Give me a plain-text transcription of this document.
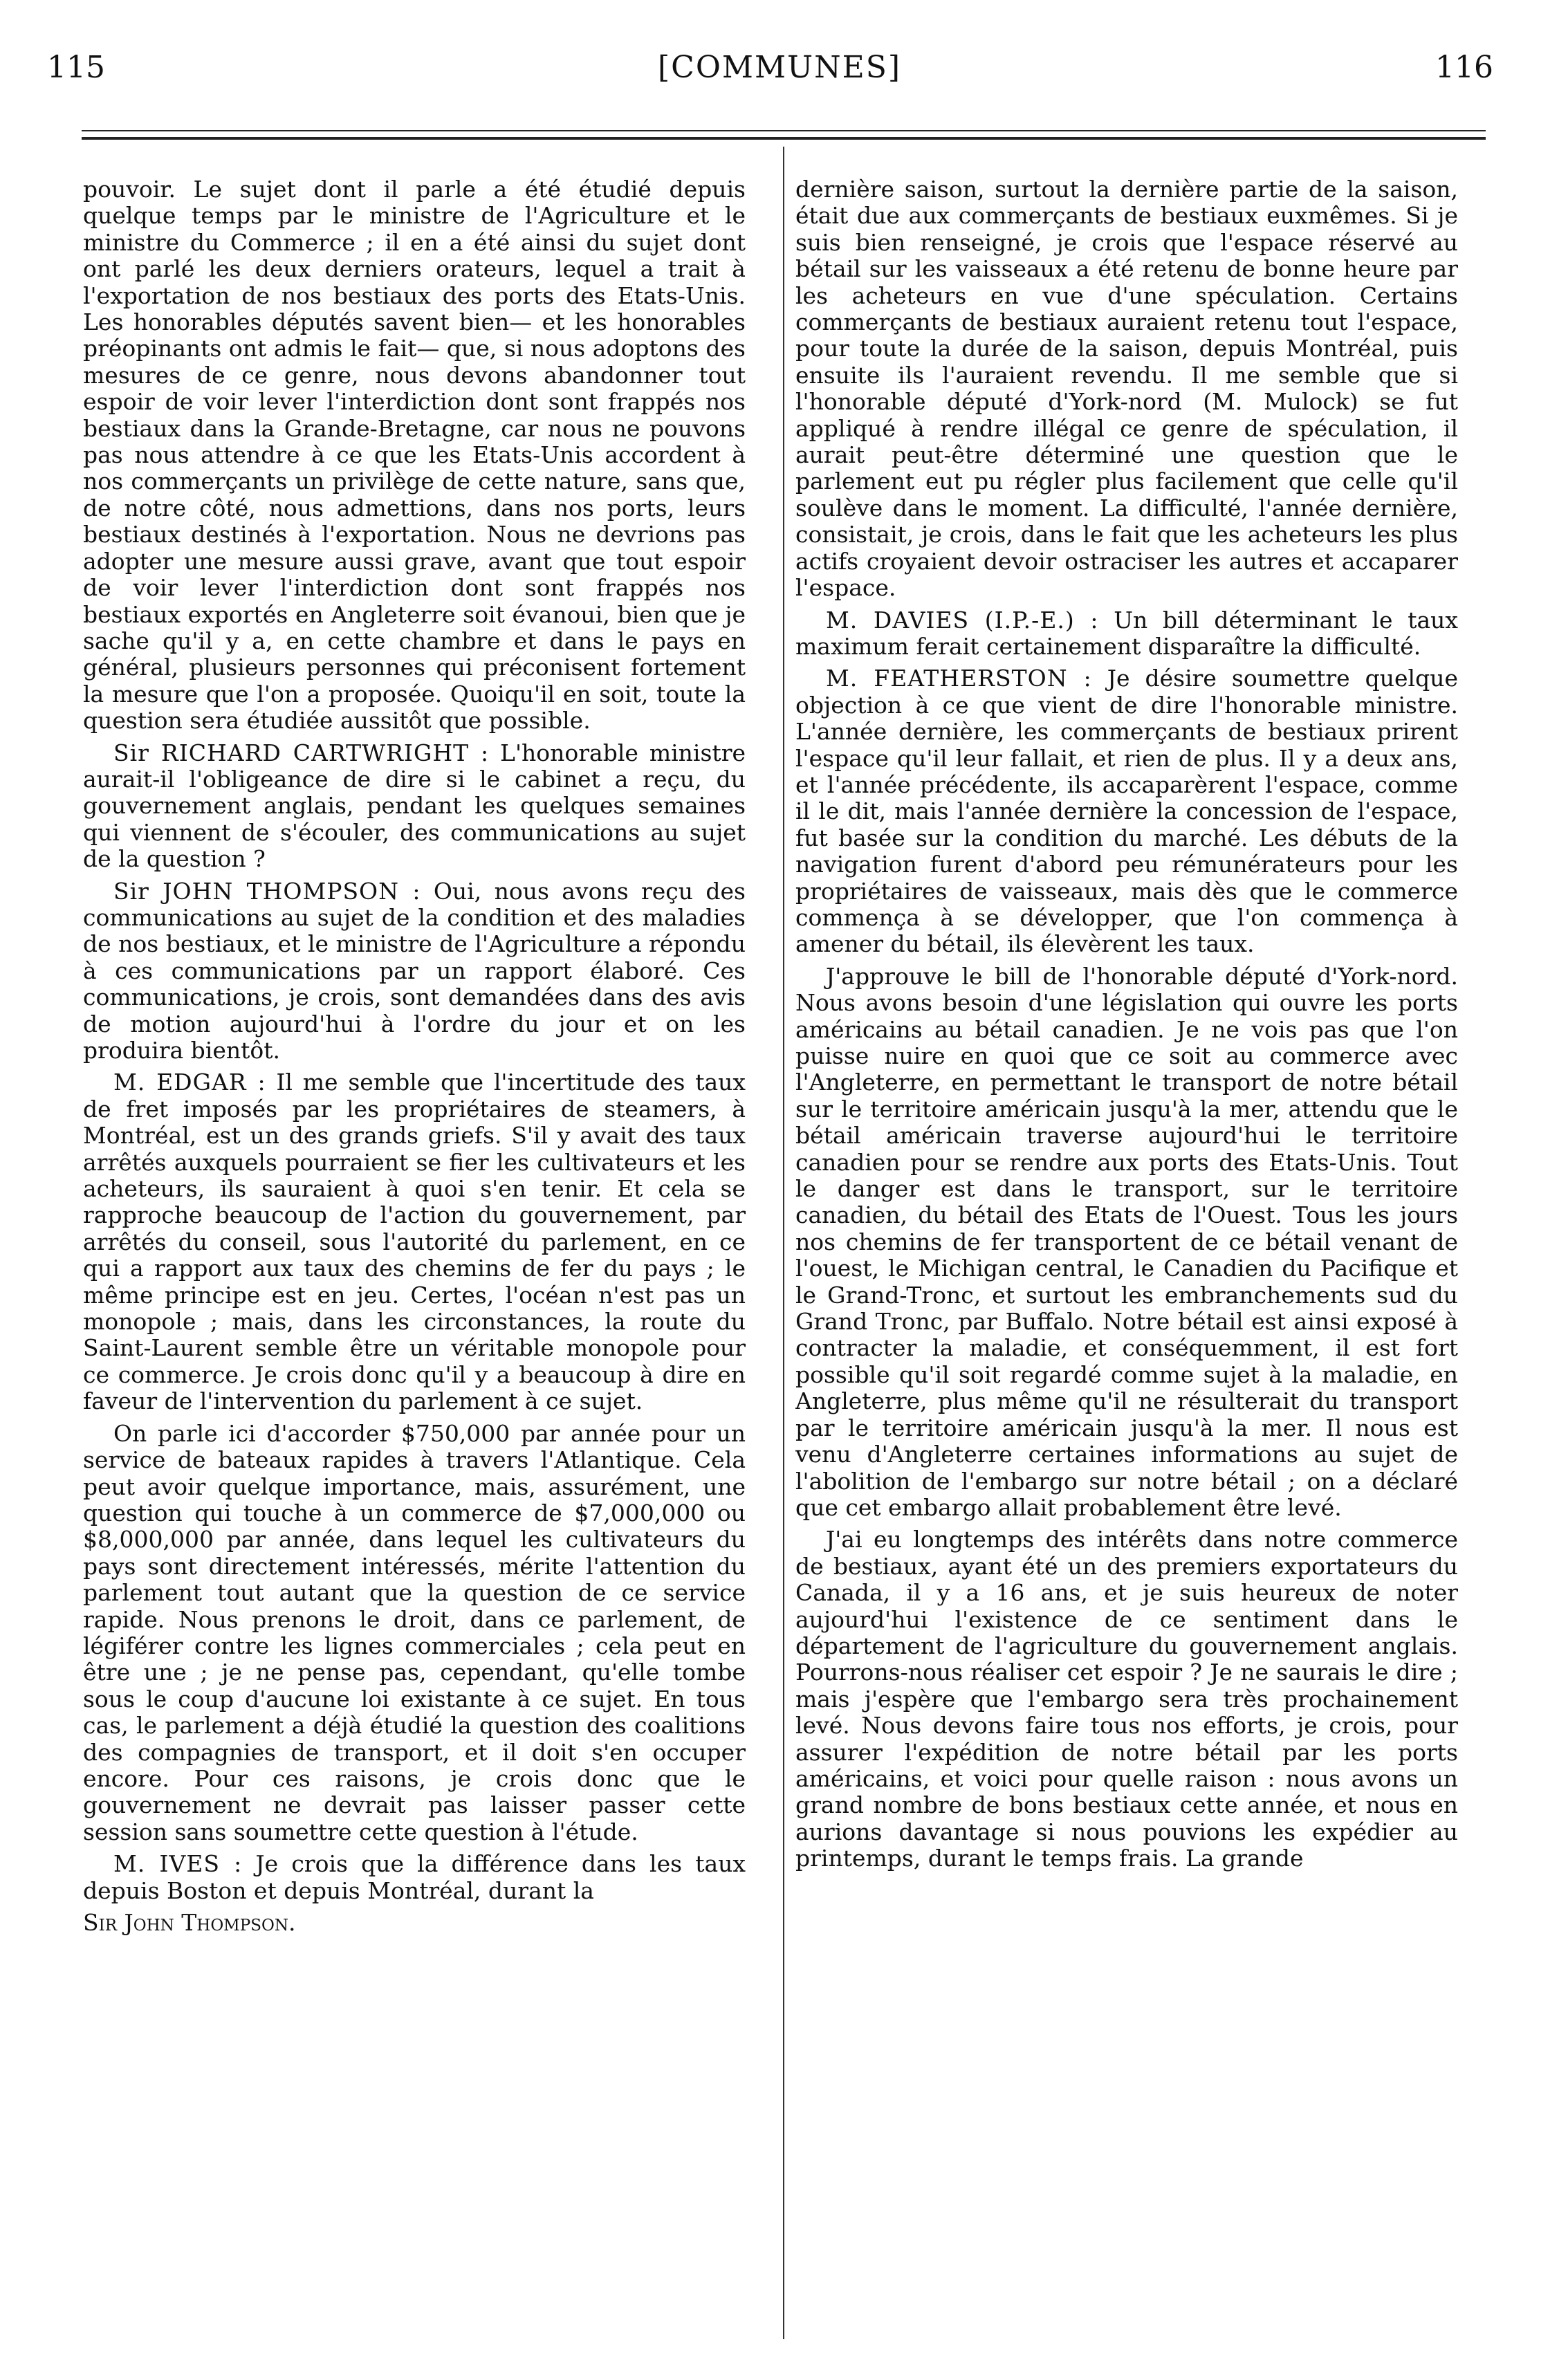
115	[COMMUNES]	116

pouvoir. Le sujet dont il parle a été étudié depuis quelque temps par le ministre de l'Agriculture et le ministre du Commerce ; il en a été ainsi du sujet dont ont parlé les deux derniers orateurs, lequel a trait à l'exportation de nos bestiaux des ports des Etats-Unis. Les honorables députés savent bien— et les honorables préopinants ont admis le fait— que, si nous adoptons des mesures de ce genre, nous devons abandonner tout espoir de voir lever l'interdiction dont sont frappés nos bestiaux dans la Grande-Bretagne, car nous ne pouvons pas nous attendre à ce que les Etats-Unis accordent à nos commerçants un privilège de cette nature, sans que, de notre côté, nous admettions, dans nos ports, leurs bestiaux destinés à l'exportation. Nous ne devrions pas adopter une mesure aussi grave, avant que tout espoir de voir lever l'interdiction dont sont frappés nos bestiaux exportés en Angleterre soit évanoui, bien que je sache qu'il y a, en cette chambre et dans le pays en général, plusieurs personnes qui préconisent fortement la mesure que l'on a proposée. Quoiqu'il en soit, toute la question sera étudiée aussitôt que possible.

Sir RICHARD CARTWRIGHT : L'honorable ministre aurait-il l'obligeance de dire si le cabinet a reçu, du gouvernement anglais, pendant les quelques semaines qui viennent de s'écouler, des communications au sujet de la question ?

Sir JOHN THOMPSON : Oui, nous avons reçu des communications au sujet de la condition et des maladies de nos bestiaux, et le ministre de l'Agriculture a répondu à ces communications par un rapport élaboré. Ces communications, je crois, sont demandées dans des avis de motion aujourd'hui à l'ordre du jour et on les produira bientôt.

M. EDGAR : Il me semble que l'incertitude des taux de fret imposés par les propriétaires de steamers, à Montréal, est un des grands griefs. S'il y avait des taux arrêtés auxquels pourraient se fier les cultivateurs et les acheteurs, ils sauraient à quoi s'en tenir. Et cela se rapproche beaucoup de l'action du gouvernement, par arrêtés du conseil, sous l'autorité du parlement, en ce qui a rapport aux taux des chemins de fer du pays ; le même principe est en jeu. Certes, l'océan n'est pas un monopole ; mais, dans les circonstances, la route du Saint-Laurent semble être un véritable monopole pour ce commerce. Je crois donc qu'il y a beaucoup à dire en faveur de l'intervention du parlement à ce sujet.

On parle ici d'accorder $750,000 par année pour un service de bateaux rapides à travers l'Atlantique. Cela peut avoir quelque importance, mais, assurément, une question qui touche à un commerce de $7,000,000 ou $8,000,000 par année, dans lequel les cultivateurs du pays sont directement intéressés, mérite l'attention du parlement tout autant que la question de ce service rapide. Nous prenons le droit, dans ce parlement, de légiférer contre les lignes commerciales ; cela peut en être une ; je ne pense pas, cependant, qu'elle tombe sous le coup d'aucune loi existante à ce sujet. En tous cas, le parlement a déjà étudié la question des coalitions des compagnies de transport, et il doit s'en occuper encore. Pour ces raisons, je crois donc que le gouvernement ne devrait pas laisser passer cette session sans soumettre cette question à l'étude.

M. IVES : Je crois que la différence dans les taux depuis Boston et depuis Montréal, durant la

Sir John Thompson.

dernière saison, surtout la dernière partie de la saison, était due aux commerçants de bestiaux euxmêmes. Si je suis bien renseigné, je crois que l'espace réservé au bétail sur les vaisseaux a été retenu de bonne heure par les acheteurs en vue d'une spéculation. Certains commerçants de bestiaux auraient retenu tout l'espace, pour toute la durée de la saison, depuis Montréal, puis ensuite ils l'auraient revendu. Il me semble que si l'honorable député d'York-nord (M. Mulock) se fut appliqué à rendre illégal ce genre de spéculation, il aurait peut-être déterminé une question que le parlement eut pu régler plus facilement que celle qu'il soulève dans le moment. La difficulté, l'année dernière, consistait, je crois, dans le fait que les acheteurs les plus actifs croyaient devoir ostraciser les autres et accaparer l'espace.

M. DAVIES (I.P.-E.) : Un bill déterminant le taux maximum ferait certainement disparaître la difficulté.

M. FEATHERSTON : Je désire soumettre quelque objection à ce que vient de dire l'honorable ministre. L'année dernière, les commerçants de bestiaux prirent l'espace qu'il leur fallait, et rien de plus. Il y a deux ans, et l'année précédente, ils accaparèrent l'espace, comme il le dit, mais l'année dernière la concession de l'espace, fut basée sur la condition du marché. Les débuts de la navigation furent d'abord peu rémunérateurs pour les propriétaires de vaisseaux, mais dès que le commerce commença à se développer, que l'on commença à amener du bétail, ils élevèrent les taux.

J'approuve le bill de l'honorable député d'York-nord. Nous avons besoin d'une législation qui ouvre les ports américains au bétail canadien. Je ne vois pas que l'on puisse nuire en quoi que ce soit au commerce avec l'Angleterre, en permettant le transport de notre bétail sur le territoire américain jusqu'à la mer, attendu que le bétail américain traverse aujourd'hui le territoire canadien pour se rendre aux ports des Etats-Unis. Tout le danger est dans le transport, sur le territoire canadien, du bétail des Etats de l'Ouest. Tous les jours nos chemins de fer transportent de ce bétail venant de l'ouest, le Michigan central, le Canadien du Pacifique et le Grand-Tronc, et surtout les embranchements sud du Grand Tronc, par Buffalo. Notre bétail est ainsi exposé à contracter la maladie, et conséquemment, il est fort possible qu'il soit regardé comme sujet à la maladie, en Angleterre, plus même qu'il ne résulterait du transport par le territoire américain jusqu'à la mer. Il nous est venu d'Angleterre certaines informations au sujet de l'abolition de l'embargo sur notre bétail ; on a déclaré que cet embargo allait probablement être levé.

J'ai eu longtemps des intérêts dans notre commerce de bestiaux, ayant été un des premiers exportateurs du Canada, il y a 16 ans, et je suis heureux de noter aujourd'hui l'existence de ce sentiment dans le département de l'agriculture du gouvernement anglais. Pourrons-nous réaliser cet espoir ? Je ne saurais le dire ; mais j'espère que l'embargo sera très prochainement levé. Nous devons faire tous nos efforts, je crois, pour assurer l'expédition de notre bétail par les ports américains, et voici pour quelle raison : nous avons un grand nombre de bons bestiaux cette année, et nous en aurions davantage si nous pouvions les expédier au printemps, durant le temps frais. La grande
